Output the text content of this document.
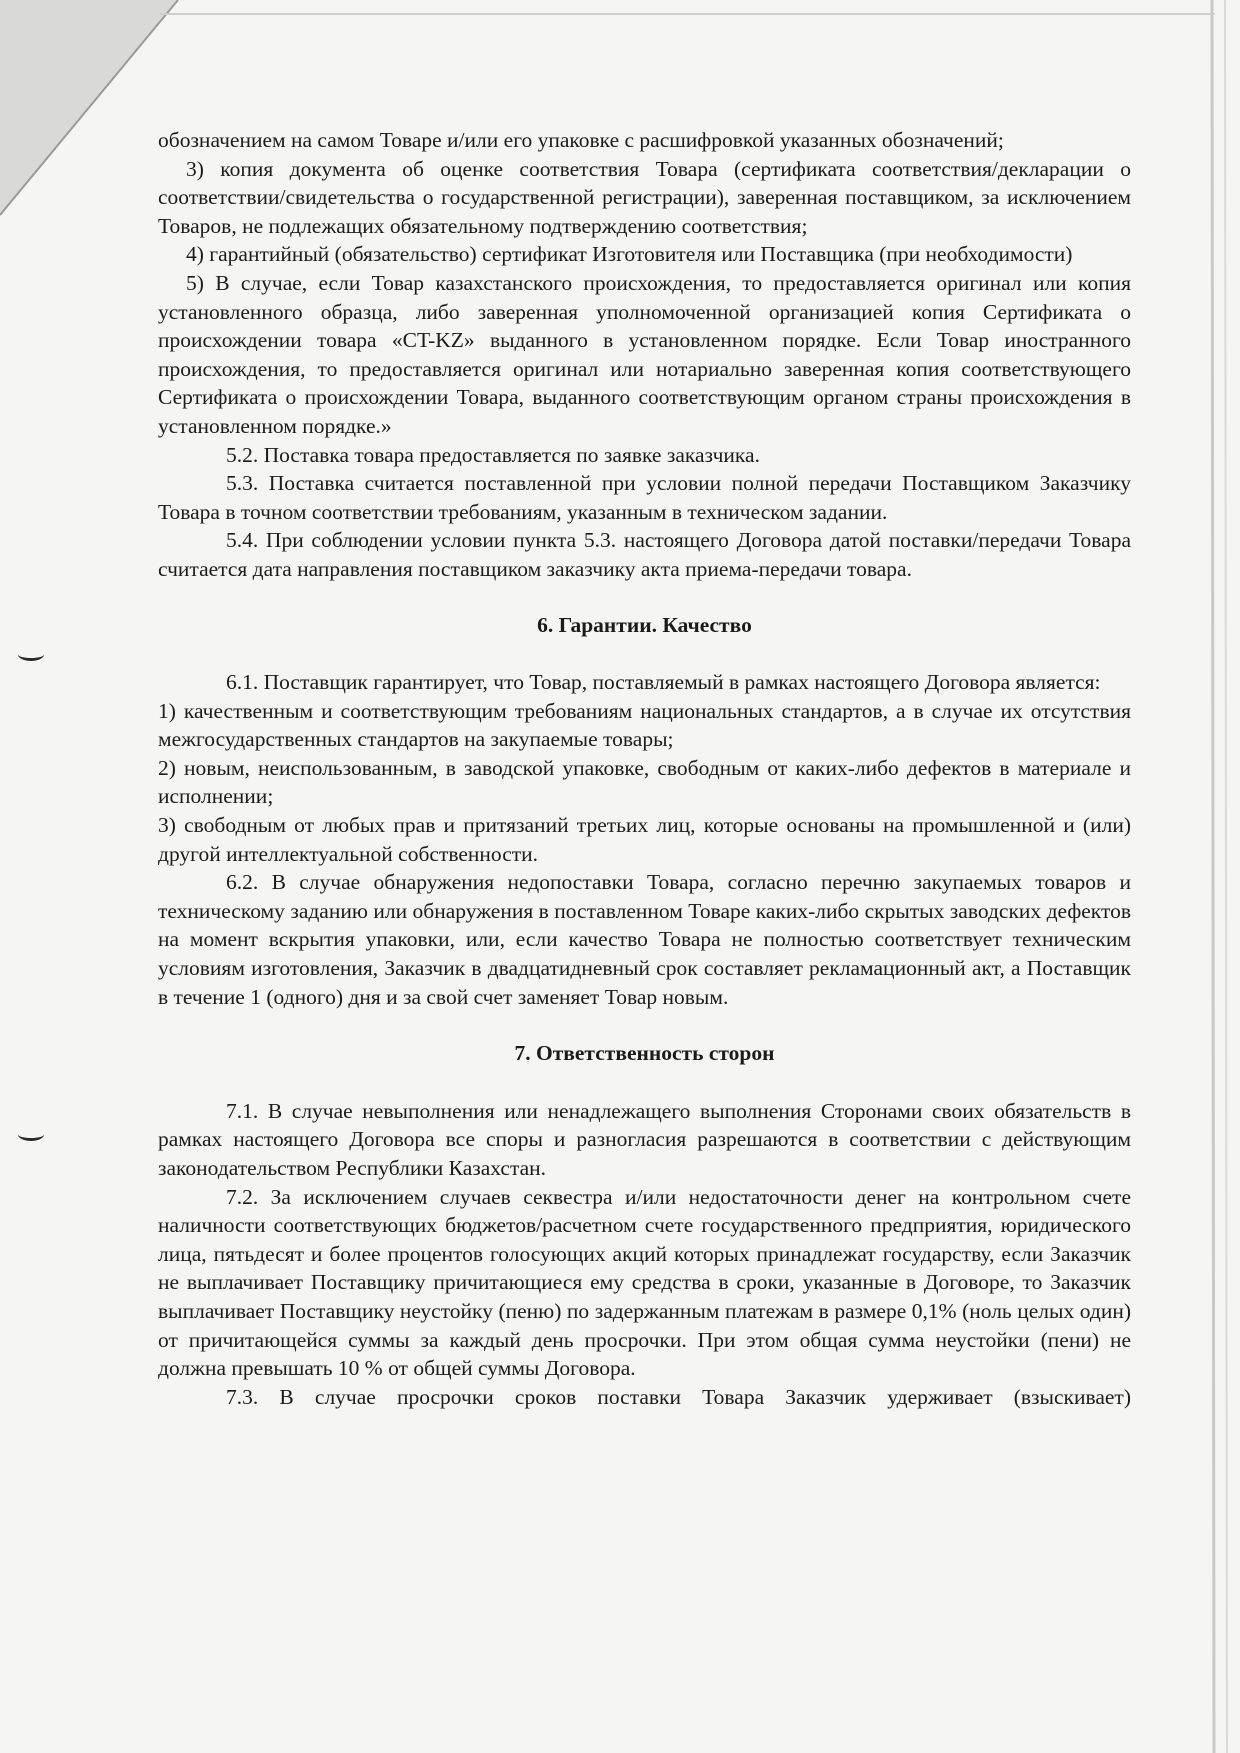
обозначением на самом Товаре и/или его упаковке с расшифровкой указанных обозначений;

3) копия документа об оценке соответствия Товара (сертификата соответствия/декларации о соответствии/свидетельства о государственной регистрации), заверенная поставщиком, за исключением Товаров, не подлежащих обязательному подтверждению соответствия;

4) гарантийный (обязательство) сертификат Изготовителя или Поставщика (при необходимости)

5) В случае, если Товар казахстанского происхождения, то предоставляется оригинал или копия установленного образца, либо заверенная уполномоченной организацией копия Сертификата о происхождении товара «CT-KZ» выданного в установленном порядке. Если Товар иностранного происхождения, то предоставляется оригинал или нотариально заверенная копия соответствующего Сертификата о происхождении Товара, выданного соответствующим органом страны происхождения в установленном порядке.»

5.2. Поставка товара предоставляется по заявке заказчика.

5.3. Поставка считается поставленной при условии полной передачи Поставщиком Заказчику Товара в точном соответствии требованиям, указанным в техническом задании.

5.4. При соблюдении условии пункта 5.3. настоящего Договора датой поставки/передачи Товара считается дата направления поставщиком заказчику акта приема-передачи товара.

6. Гарантии. Качество

6.1. Поставщик гарантирует, что Товар, поставляемый в рамках настоящего Договора является:

1) качественным и соответствующим требованиям национальных стандартов, а в случае их отсутствия межгосударственных стандартов на закупаемые товары;

2) новым, неиспользованным, в заводской упаковке, свободным от каких-либо дефектов в материале и исполнении;

3) свободным от любых прав и притязаний третьих лиц, которые основаны на промышленной и (или) другой интеллектуальной собственности.

6.2. В случае обнаружения недопоставки Товара, согласно перечню закупаемых товаров и техническому заданию или обнаружения в поставленном Товаре каких-либо скрытых заводских дефектов на момент вскрытия упаковки, или, если качество Товара не полностью соответствует техническим условиям изготовления, Заказчик в двадцатидневный срок составляет рекламационный акт, а Поставщик в течение 1 (одного) дня и за свой счет заменяет Товар новым.

7. Ответственность сторон

7.1. В случае невыполнения или ненадлежащего выполнения Сторонами своих обязательств в рамках настоящего Договора все споры и разногласия разрешаются в соответствии с действующим законодательством Республики Казахстан.

7.2. За исключением случаев секвестра и/или недостаточности денег на контрольном счете наличности соответствующих бюджетов/расчетном счете государственного предприятия, юридического лица, пятьдесят и более процентов голосующих акций которых принадлежат государству, если Заказчик не выплачивает Поставщику причитающиеся ему средства в сроки, указанные в Договоре, то Заказчик выплачивает Поставщику неустойку (пеню) по задержанным платежам в размере 0,1% (ноль целых один) от причитающейся суммы за каждый день просрочки. При этом общая сумма неустойки (пени) не должна превышать 10 % от общей суммы Договора.

7.3. В случае просрочки сроков поставки Товара Заказчик удерживает (взыскивает)
